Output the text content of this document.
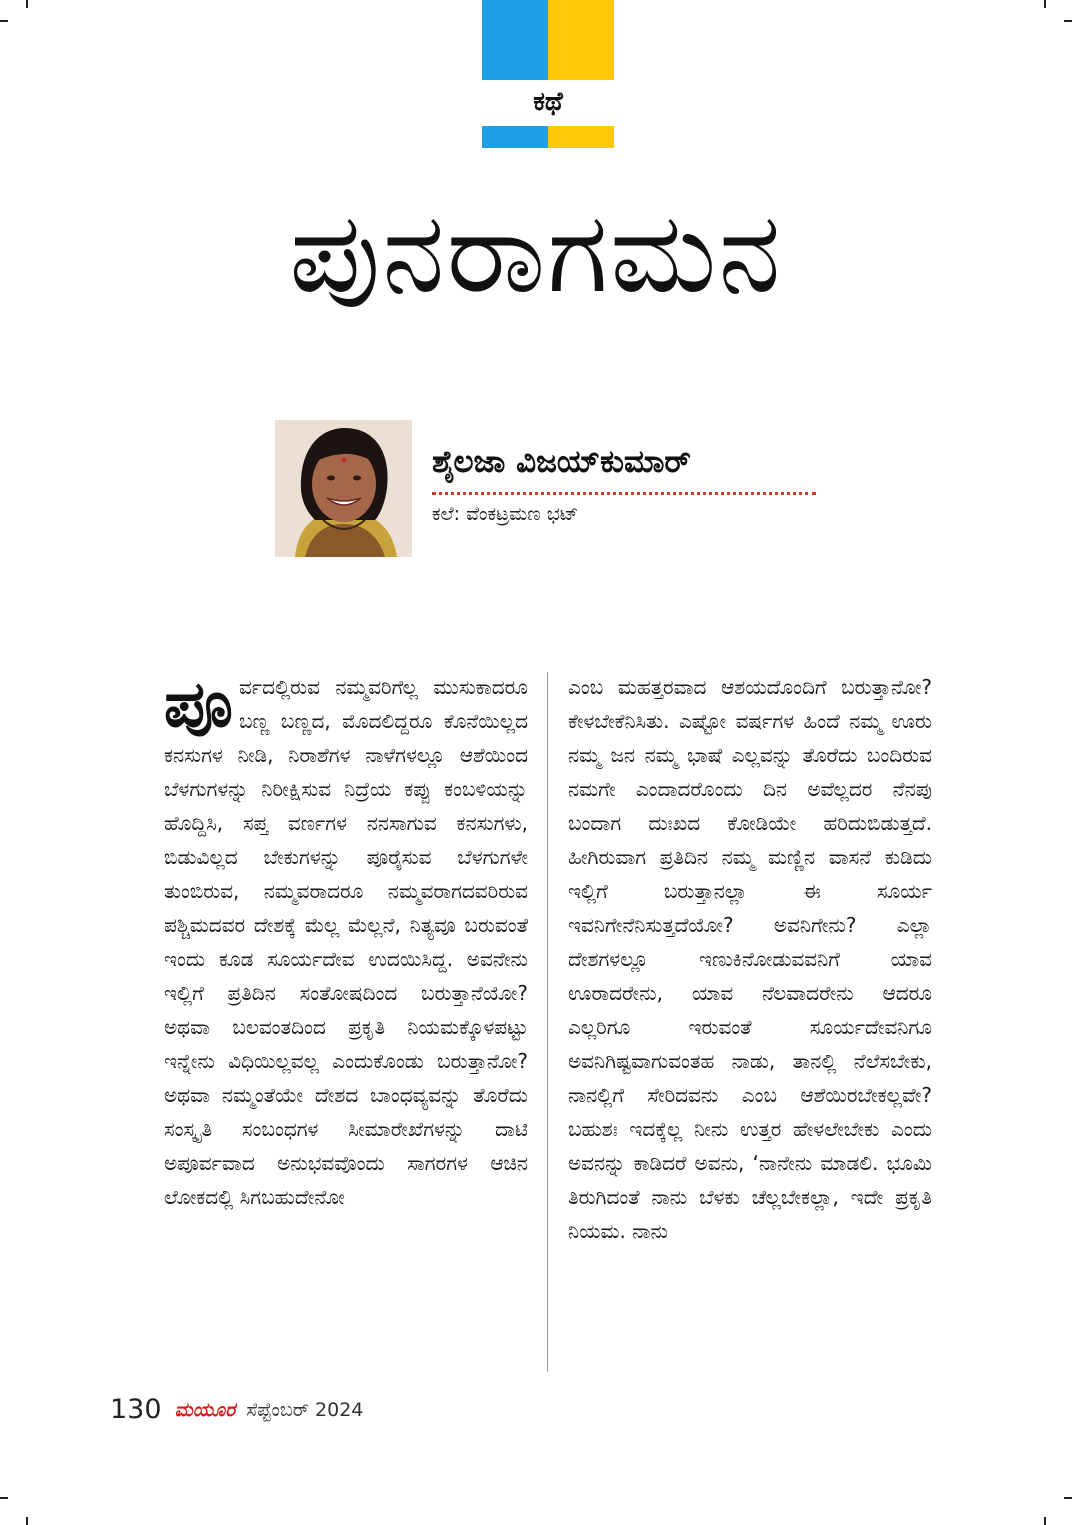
ಕಥೆ
ಪುನರಾಗಮನ
ಶೈಲಜಾ ವಿಜಯ್‌ಕುಮಾರ್
ಕಲೆ: ವೆಂಕಟ್ರಮಣ ಭಟ್

ಪೂರ್ವದಲ್ಲಿರುವ ನಮ್ಮವರಿಗೆಲ್ಲ ಮುಸುಕಾದರೂ ಬಣ್ಣ ಬಣ್ಣದ, ಮೊದಲಿದ್ದರೂ ಕೊನೆಯಿಲ್ಲದ ಕನಸುಗಳ ನೀಡಿ, ನಿರಾಶೆಗಳ ನಾಳೆಗಳಲ್ಲೂ ಆಶೆಯಿಂದ ಬೆಳಗುಗಳನ್ನು ನಿರೀಕ್ಷಿಸುವ ನಿದ್ರೆಯ ಕಪ್ಪು ಕಂಬಳಿಯನ್ನು ಹೊದ್ದಿಸಿ, ಸಪ್ತ ವರ್ಣಗಳ ನನಸಾಗುವ ಕನಸುಗಳು, ಬಿಡುವಿಲ್ಲದ ಬೇಕುಗಳನ್ನು ಪೂರೈಸುವ ಬೆಳಗುಗಳೇ ತುಂಬಿರುವ, ನಮ್ಮವರಾದರೂ ನಮ್ಮವರಾಗದವರಿರುವ ಪಶ್ಚಿಮದವರ ದೇಶಕ್ಕೆ ಮೆಲ್ಲ ಮೆಲ್ಲನೆ, ನಿತ್ಯವೂ ಬರುವಂತೆ ಇಂದು ಕೂಡ ಸೂರ್ಯದೇವ ಉದಯಿಸಿದ್ದ. ಅವನೇನು ಇಲ್ಲಿಗೆ ಪ್ರತಿದಿನ ಸಂತೋಷದಿಂದ ಬರುತ್ತಾನೆಯೋ? ಅಥವಾ ಬಲವಂತದಿಂದ ಪ್ರಕೃತಿ ನಿಯಮಕ್ಕೊಳಪಟ್ಟು ಇನ್ನೇನು ವಿಧಿಯಿಲ್ಲವಲ್ಲ ಎಂದುಕೊಂಡು ಬರುತ್ತಾನೋ? ಅಥವಾ ನಮ್ಮಂತೆಯೇ ದೇಶದ ಬಾಂಧವ್ಯವನ್ನು ತೊರೆದು ಸಂಸ್ಕೃತಿ ಸಂಬಂಧಗಳ ಸೀಮಾರೇಖೆಗಳನ್ನು ದಾಟಿ ಅಪೂರ್ವವಾದ ಅನುಭವವೊಂದು ಸಾಗರಗಳ ಆಚಿನ ಲೋಕದಲ್ಲಿ ಸಿಗಬಹುದೇನೋ

ಎಂಬ ಮಹತ್ತರವಾದ ಆಶಯದೊಂದಿಗೆ ಬರುತ್ತಾನೋ? ಕೇಳಬೇಕೆನಿಸಿತು. ಎಷ್ಟೋ ವರ್ಷಗಳ ಹಿಂದೆ ನಮ್ಮ ಊರು ನಮ್ಮ ಜನ ನಮ್ಮ ಭಾಷೆ ಎಲ್ಲವನ್ನು ತೊರೆದು ಬಂದಿರುವ ನಮಗೇ ಎಂದಾದರೊಂದು ದಿನ ಅವೆಲ್ಲದರ ನೆನಪು ಬಂದಾಗ ದುಃಖದ ಕೋಡಿಯೇ ಹರಿದುಬಿಡುತ್ತದೆ. ಹೀಗಿರುವಾಗ ಪ್ರತಿದಿನ ನಮ್ಮ ಮಣ್ಣಿನ ವಾಸನೆ ಕುಡಿದು ಇಲ್ಲಿಗೆ ಬರುತ್ತಾನಲ್ಲಾ ಈ ಸೂರ್ಯ ಇವನಿಗೇನೆನಿಸುತ್ತದೆಯೋ? ಅವನಿಗೇನು? ಎಲ್ಲಾ ದೇಶಗಳಲ್ಲೂ ಇಣುಕಿನೋಡುವವನಿಗೆ ಯಾವ ಊರಾದರೇನು, ಯಾವ ನೆಲವಾದರೇನು ಆದರೂ ಎಲ್ಲರಿಗೂ ಇರುವಂತೆ ಸೂರ್ಯದೇವನಿಗೂ ಅವನಿಗಿಷ್ಟವಾಗುವಂತಹ ನಾಡು, ತಾನಲ್ಲಿ ನೆಲೆಸಬೇಕು, ನಾನಲ್ಲಿಗೆ ಸೇರಿದವನು ಎಂಬ ಆಶೆಯಿರಬೇಕಲ್ಲವೇ? ಬಹುಶಃ ಇದಕ್ಕೆಲ್ಲ ನೀನು ಉತ್ತರ ಹೇಳಲೇಬೇಕು ಎಂದು ಅವನನ್ನು ಕಾಡಿದರೆ ಅವನು, ‘ನಾನೇನು ಮಾಡಲಿ. ಭೂಮಿ ತಿರುಗಿದಂತೆ ನಾನು ಬೆಳಕು ಚೆಲ್ಲಬೇಕಲ್ಲಾ, ಇದೇ ಪ್ರಕೃತಿ ನಿಯಮ. ನಾನು

130 ಮಯೂರ ಸೆಪ್ಟೆಂಬರ್ 2024
